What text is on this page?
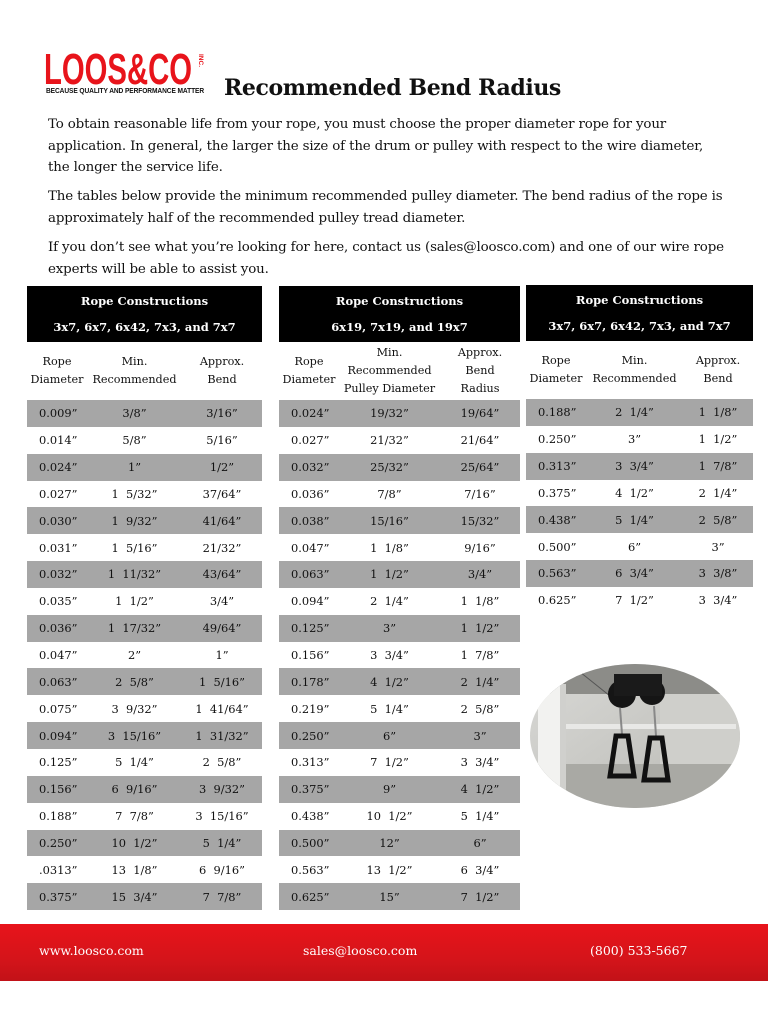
LOOS&CO INC.
BECAUSE QUALITY AND PERFORMANCE MATTER Recommended Bend Radius

To obtain reasonable life from your rope, you must choose the proper diameter rope for your application. In general, the larger the size of the drum or pulley with respect to the wire diameter, the longer the service life.

The tables below provide the minimum recommended pulley diameter. The bend radius of the rope is approximately half of the recommended pulley tread diameter.

If you don’t see what you’re looking for here, contact us (sales@loosco.com) and one of our wire rope experts will be able to assist you.

Rope Constructions
3x7, 6x7, 6x42, 7x3, and 7x7
Rope
Diameter
Min.
Recommended
Approx.
Bend
0.009”	3/8”	3/16”
0.014”	5/8”	5/16”
0.024”	1”	1/2”
0.027”	1  5/32”	37/64”
0.030”	1  9/32”	41/64”
0.031”	1  5/16”	21/32”
0.032”	1  11/32”	43/64”
0.035”	1  1/2”	3/4”
0.036”	1  17/32”	49/64”
0.047”	2”	1”
0.063”	2  5/8”	1  5/16”
0.075”	3  9/32”	1  41/64”
0.094”	3  15/16”	1  31/32”
0.125”	5  1/4”	2  5/8”
0.156”	6  9/16”	3  9/32”
0.188”	7  7/8”	3  15/16”
0.250”	10  1/2”	5  1/4”
.0313”	13  1/8”	6  9/16”
0.375”	15  3/4”	7  7/8”
Rope Constructions
6x19, 7x19, and 19x7
Rope
Diameter
Min.
Recommended
Pulley Diameter
Approx.
Bend
Radius
0.024”	19/32”	19/64”
0.027”	21/32”	21/64”
0.032”	25/32”	25/64”
0.036”	7/8”	7/16”
0.038”	15/16”	15/32”
0.047”	1  1/8”	9/16”
0.063”	1  1/2”	3/4”
0.094”	2  1/4”	1  1/8”
0.125”	3”	1  1/2”
0.156”	3  3/4”	1  7/8”
0.178”	4  1/2”	2  1/4”
0.219”	5  1/4”	2  5/8”
0.250”	6”	3”
0.313”	7  1/2”	3  3/4”
0.375”	9”	4  1/2”
0.438”	10  1/2”	5  1/4”
0.500”	12”	6”
0.563”	13  1/2”	6  3/4”
0.625”	15”	7  1/2”
Rope Constructions
3x7, 6x7, 6x42, 7x3, and 7x7
Rope
Diameter
Min.
Recommended
Approx.
Bend
0.188”	2  1/4”	1  1/8”
0.250”	3”	1  1/2”
0.313”	3  3/4”	1  7/8”
0.375”	4  1/2”	2  1/4”
0.438”	5  1/4”	2  5/8”
0.500”	6”	3”
0.563”	6  3/4”	3  3/8”
0.625”	7  1/2”	3  3/4”
www.loosco.com	sales@loosco.com	(800) 533-5667
